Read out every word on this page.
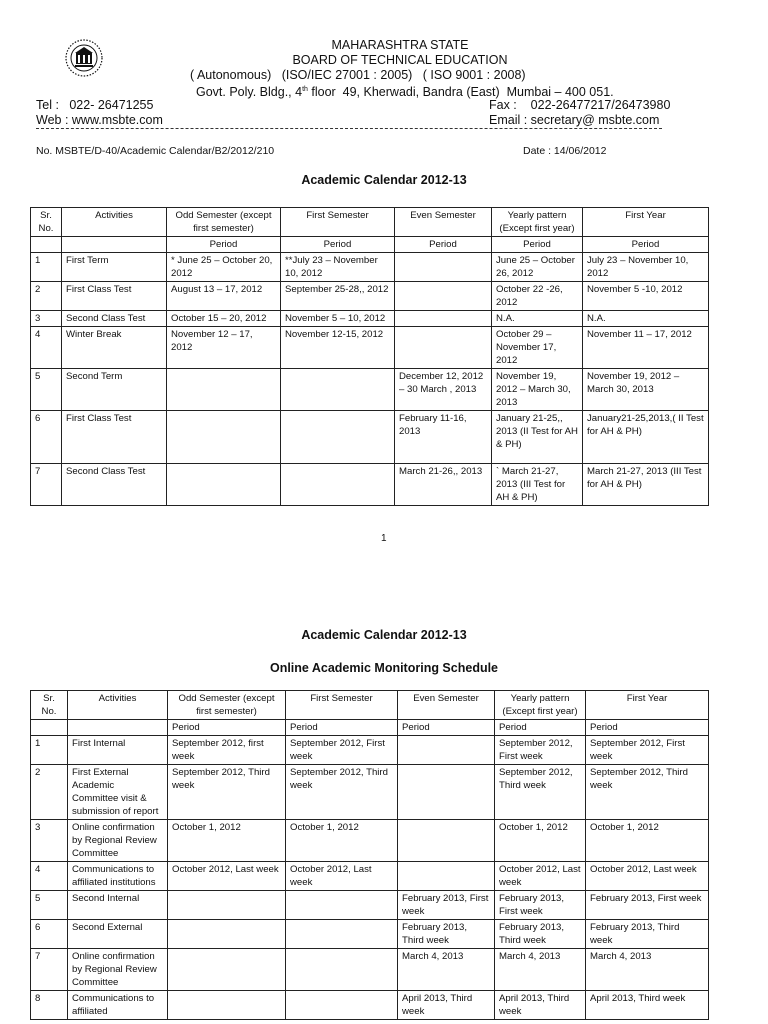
MAHARASHTRA STATE
BOARD OF TECHNICAL EDUCATION
( Autonomous)   (ISO/IEC 27001 : 2005)   ( ISO 9001 : 2008)
Govt. Poly. Bldg., 4th floor  49, Kherwadi, Bandra (East)  Mumbai – 400 051.
Tel :   022- 26471255	Fax :    022-26477217/26473980
Web : www.msbte.com	Email : secretary@ msbte.com
No. MSBTE/D-40/Academic Calendar/B2/2012/210	Date : 14/06/2012
Academic Calendar 2012-13
Sr. No.	Activities	Odd Semester (except first semester)	First Semester	Even Semester	Yearly pattern (Except first year)	First Year
		Period	Period	Period	Period	Period
1	First Term	* June 25 – October 20, 2012	**July 23 – November 10, 2012		June 25 – October 26, 2012	July 23 – November 10, 2012
2	First Class Test	August 13 – 17, 2012	September 25-28,, 2012		October 22 -26, 2012	November 5 -10, 2012
3	Second Class Test	October 15 – 20, 2012	November 5 – 10, 2012		N.A.	N.A.
4	Winter Break	November 12 – 17, 2012	November 12-15, 2012		October 29 – November 17, 2012	November 11 – 17, 2012
5	Second Term			December 12, 2012 – 30 March , 2013	November 19, 2012 – March 30, 2013	November 19, 2012 – March 30, 2013
6	First Class Test			February 11-16, 2013	January 21-25,, 2013 (II Test for AH & PH)	January21-25,2013,( II Test for AH & PH)
7	Second Class Test			March 21-26,, 2013	` March 21-27, 2013 (III Test for AH & PH)	March 21-27, 2013 (III Test for AH & PH)
1
Academic Calendar 2012-13
Online Academic Monitoring Schedule
Sr. No.	Activities	Odd Semester (except first semester)	First Semester	Even Semester	Yearly pattern (Except first year)	First Year
		Period	Period	Period	Period	Period
1	First Internal	September 2012, first week	September 2012, First week		September 2012, First week	September 2012, First week
2	First External Academic Committee visit & submission of report	September 2012, Third week	September 2012, Third week		September 2012, Third week	September 2012, Third week
3	Online confirmation by Regional Review Committee	October 1, 2012	October 1, 2012		October 1, 2012	October 1, 2012
4	Communications to affiliated institutions	October 2012, Last week	October 2012, Last week		October 2012, Last week	October 2012, Last week
5	Second Internal			February 2013, First week	February 2013, First week	February 2013, First week
6	Second External			February 2013, Third week	February 2013, Third week	February 2013, Third week
7	Online confirmation by Regional Review Committee			March 4, 2013	March 4, 2013	March 4, 2013
8	Communications to affiliated			April 2013, Third week	April 2013, Third week	April 2013, Third week
